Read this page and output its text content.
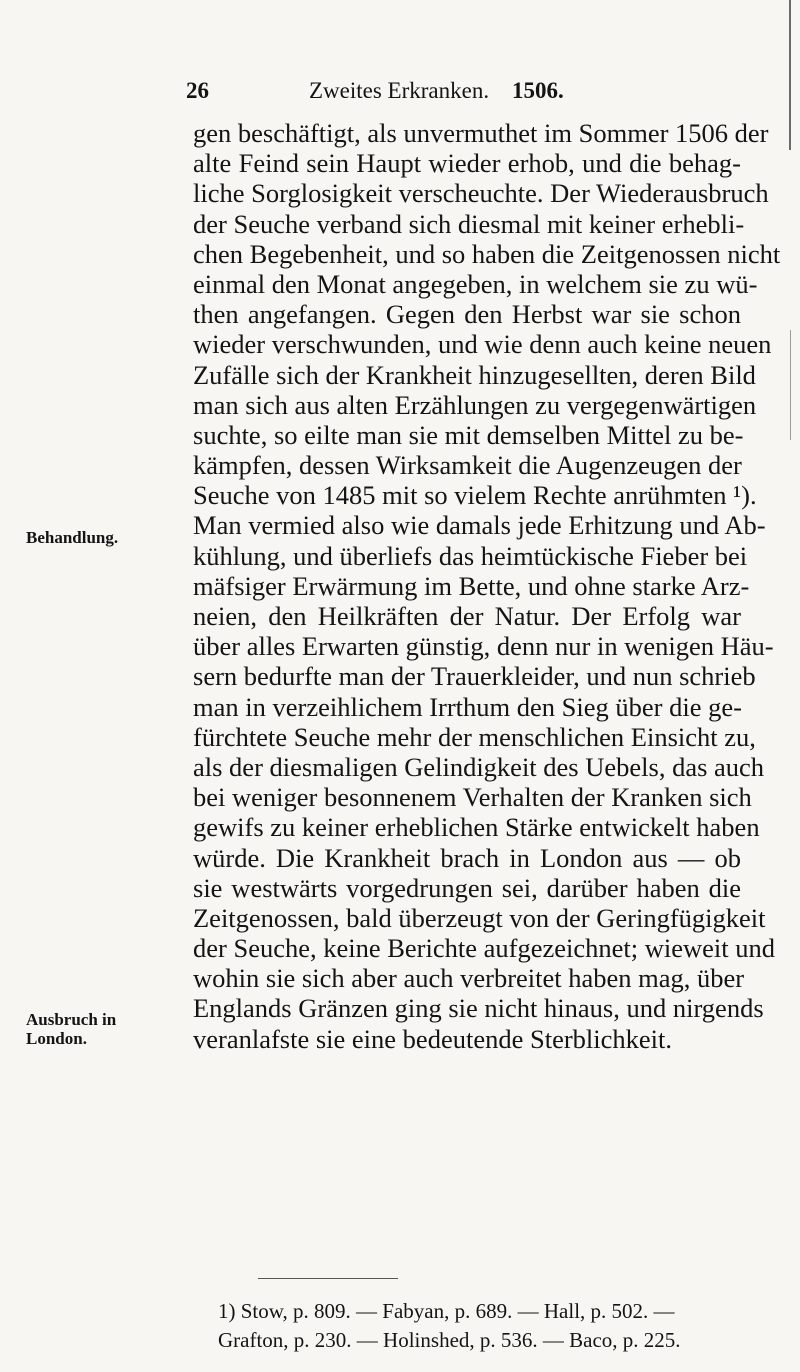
26	Zweites Erkranken. 1506.
Behandlung.
Ausbruch in London.
gen beschäftigt, als unvermuthet im Sommer 1506 der
alte Feind sein Haupt wieder erhob, und die behag-
liche Sorglosigkeit verscheuchte. Der Wiederausbruch
der Seuche verband sich diesmal mit keiner erhebli-
chen Begebenheit, und so haben die Zeitgenossen nicht
einmal den Monat angegeben, in welchem sie zu wü-
then angefangen. Gegen den Herbst war sie schon
wieder verschwunden, und wie denn auch keine neuen
Zufälle sich der Krankheit hinzugesellten, deren Bild
man sich aus alten Erzählungen zu vergegenwärtigen
suchte, so eilte man sie mit demselben Mittel zu be-
kämpfen, dessen Wirksamkeit die Augenzeugen der
Seuche von 1485 mit so vielem Rechte anrühmten ¹).
Man vermied also wie damals jede Erhitzung und Ab-
kühlung, und überliefs das heimtückische Fieber bei
mäfsiger Erwärmung im Bette, und ohne starke Arz-
neien, den Heilkräften der Natur. Der Erfolg war
über alles Erwarten günstig, denn nur in wenigen Häu-
sern bedurfte man der Trauerkleider, und nun schrieb
man in verzeihlichem Irrthum den Sieg über die ge-
fürchtete Seuche mehr der menschlichen Einsicht zu,
als der diesmaligen Gelindigkeit des Uebels, das auch
bei weniger besonnenem Verhalten der Kranken sich
gewifs zu keiner erheblichen Stärke entwickelt haben
würde. Die Krankheit brach in London aus — ob
sie westwärts vorgedrungen sei, darüber haben die
Zeitgenossen, bald überzeugt von der Geringfügigkeit
der Seuche, keine Berichte aufgezeichnet; wieweit und
wohin sie sich aber auch verbreitet haben mag, über
Englands Gränzen ging sie nicht hinaus, und nirgends
veranlafste sie eine bedeutende Sterblichkeit.
1) Stow, p. 809. — Fabyan, p. 689. — Hall, p. 502. —
Grafton, p. 230. — Holinshed, p. 536. — Baco, p. 225.
